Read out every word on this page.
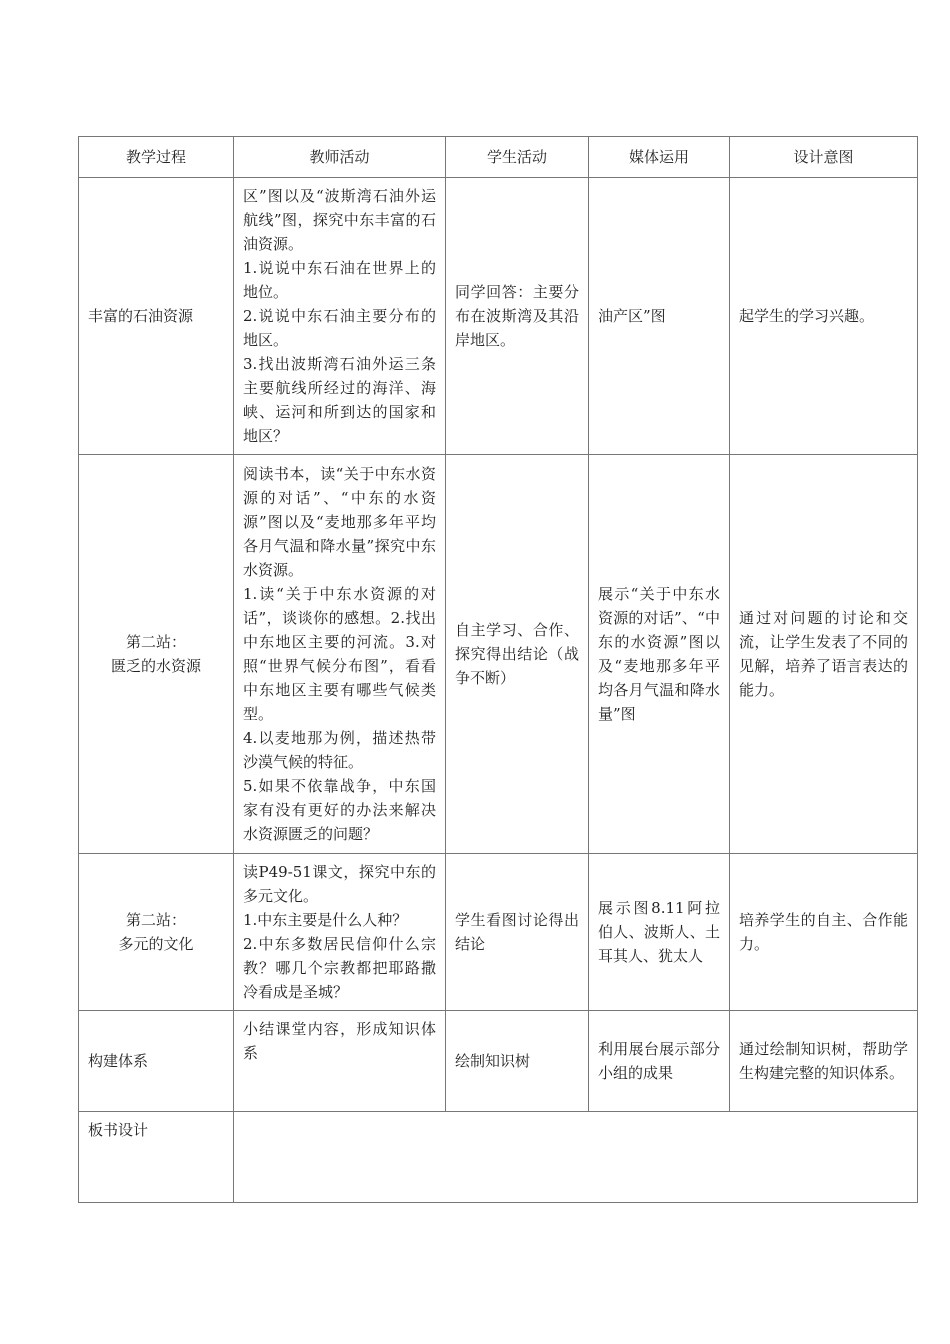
教学过程	教师活动	学生活动	媒体运用	设计意图

丰富的石油资源	区”图以及“波斯湾石油外运航线”图，探究中东丰富的石油资源。
1.说说中东石油在世界上的地位。
2.说说中东石油主要分布的地区。
3.找出波斯湾石油外运三条主要航线所经过的海洋、海峡、运河和所到达的国家和地区？	同学回答：主要分布在波斯湾及其沿岸地区。	油产区”图	起学生的学习兴趣。

第二站：
匮乏的水资源	阅读书本，读“关于中东水资源的对话”、“中东的水资源”图以及“麦地那多年平均各月气温和降水量”探究中东水资源。
1.读“关于中东水资源的对话”，谈谈你的感想。2.找出中东地区主要的河流。3.对照“世界气候分布图”，看看中东地区主要有哪些气候类型。
4.以麦地那为例，描述热带沙漠气候的特征。
5.如果不依靠战争，中东国家有没有更好的办法来解决水资源匮乏的问题？	自主学习、合作、探究得出结论（战争不断）	展示“关于中东水资源的对话”、“中东的水资源”图以及“麦地那多年平均各月气温和降水量”图	通过对问题的讨论和交流，让学生发表了不同的见解，培养了语言表达的能力。

第二站：
多元的文化	读P49-51课文，探究中东的多元文化。
1.中东主要是什么人种？
2.中东多数居民信仰什么宗教？哪几个宗教都把耶路撒冷看成是圣城？	学生看图讨论得出结论	展示图8.11阿拉伯人、波斯人、土耳其人、犹太人	培养学生的自主、合作能力。

构建体系	小结课堂内容，形成知识体系	绘制知识树	利用展台展示部分小组的成果	通过绘制知识树，帮助学生构建完整的知识体系。
板书设计				
